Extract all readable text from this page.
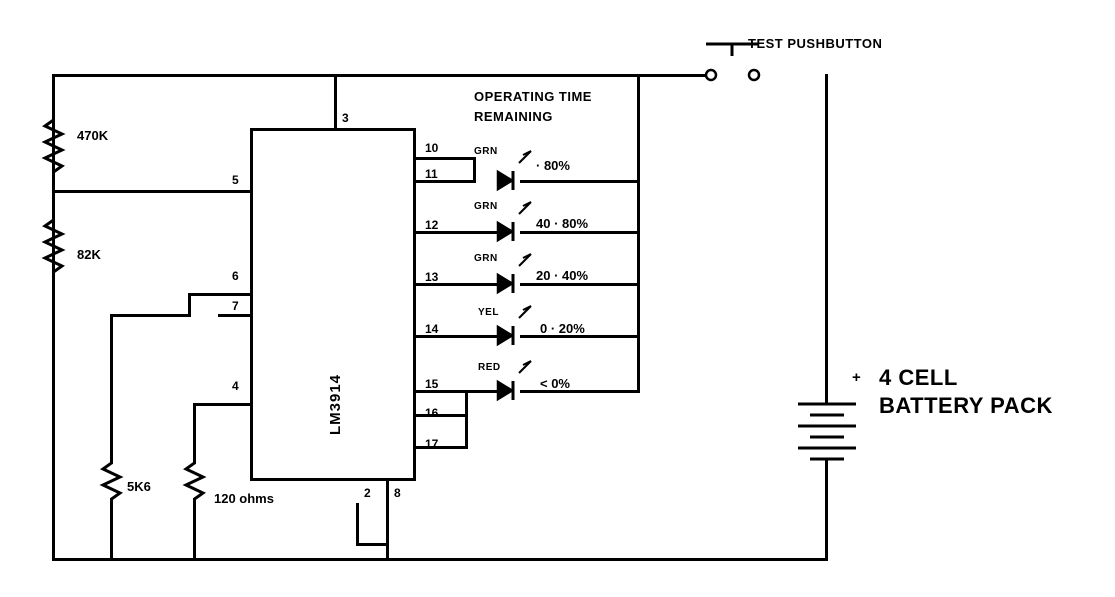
LM3914
TEST PUSHBUTTON
OPERATING TIME
REMAINING
470K
82K
5K6
120 ohms
3
5
6
7
4
2 8
10
11
12
13
14
15
16
17
GRN
GRN
GRN
YEL
RED
· 80%
40 · 80%
20 · 40%
0 · 20%
< 0%	+ 4 CELL
BATTERY PACK
